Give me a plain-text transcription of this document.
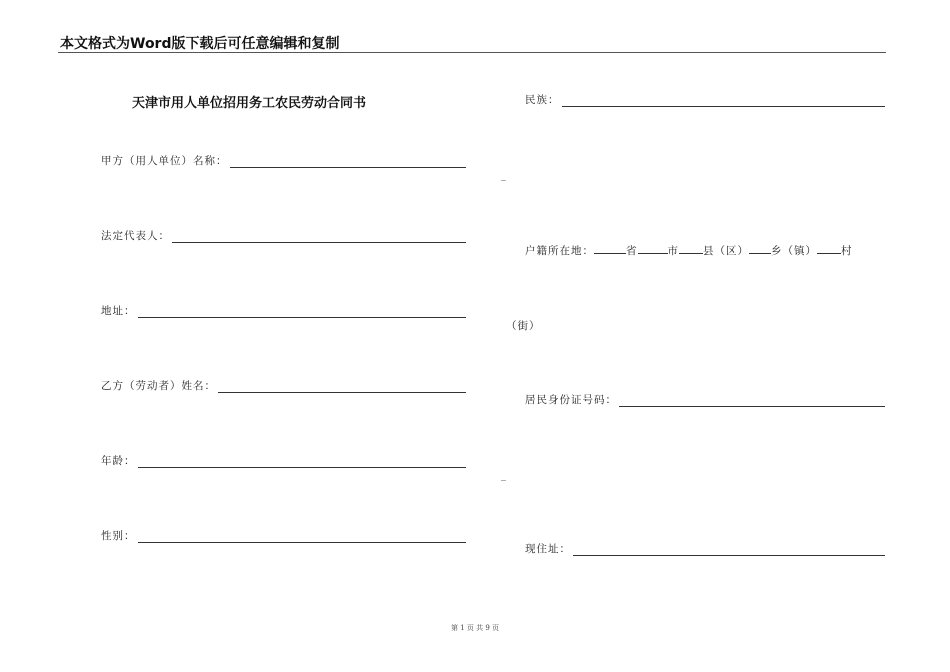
本文格式为Word版下载后可任意编辑和复制
天津市用人单位招用务工农民劳动合同书
甲方（用人单位）名称：
法定代表人：
地址：
乙方（劳动者）姓名：
年龄：
性别：
民族：
_
户籍所在地：	省	市 县（区） 乡（镇） 村
（街）
居民身份证号码：
_
现住址：
第 1 页 共 9 页
